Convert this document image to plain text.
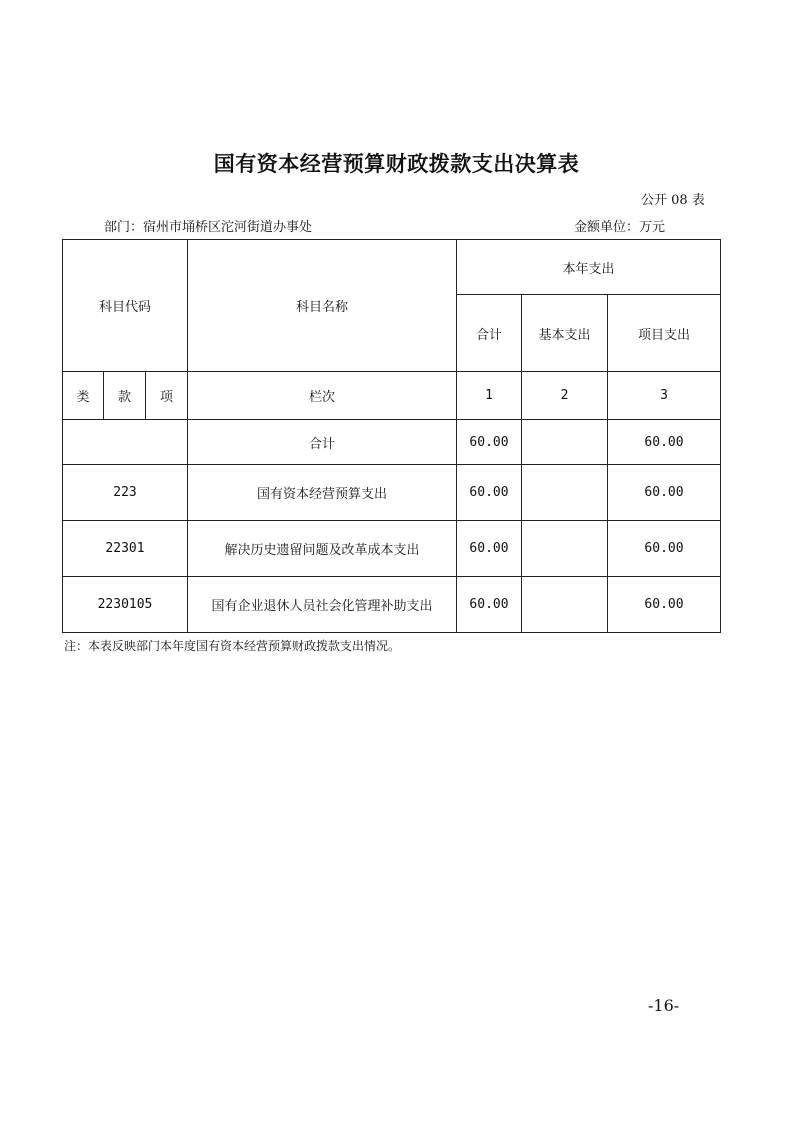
国有资本经营预算财政拨款支出决算表
公开 08 表
部门：宿州市埇桥区沱河街道办事处	金额单位：万元
科目代码			科目名称	本年支出		
				合计	基本支出	项目支出
类	款	项	栏次	1	2	3
			合计	60.00		60.00
223			国有资本经营预算支出	60.00		60.00
22301			解决历史遗留问题及改革成本支出	60.00		60.00
2230105			国有企业退休人员社会化管理补助支出	60.00		60.00
注：本表反映部门本年度国有资本经营预算财政拨款支出情况。
-16-
